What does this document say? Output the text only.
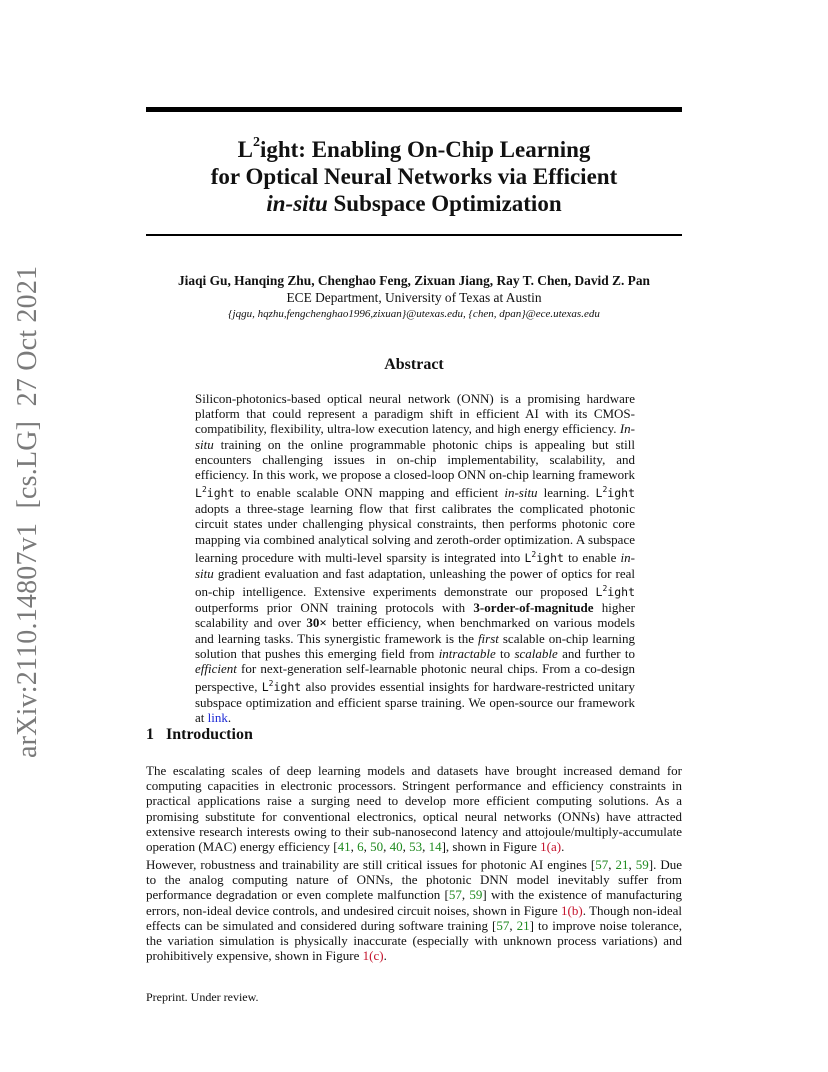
arXiv:2110.14807v1  [cs.LG]  27 Oct 2021
$L^2ight$: Enabling On-Chip Learning
for Optical Neural Networks via Efficient
in-situ Subspace Optimization
Jiaqi Gu, Hanqing Zhu, Chenghao Feng, Zixuan Jiang, Ray T. Chen, David Z. Pan
ECE Department, University of Texas at Austin
{jqgu, hqzhu,fengchenghao1996,zixuan}@utexas.edu, {chen, dpan}@ece.utexas.edu
Abstract
Silicon-photonics-based optical neural network (ONN) is a promising hardware platform that could represent a paradigm shift in efficient AI with its CMOS-compatibility, flexibility, ultra-low execution latency, and high energy efficiency. In-situ training on the online programmable photonic chips is appealing but still encounters challenging issues in on-chip implementability, scalability, and efficiency. In this work, we propose a closed-loop ONN on-chip learning framework $L^2ight$ to enable scalable ONN mapping and efficient in-situ learning. $L^2ight$ adopts a three-stage learning flow that first calibrates the complicated photonic circuit states under challenging physical constraints, then performs photonic core mapping via combined analytical solving and zeroth-order optimization. A subspace learning procedure with multi-level sparsity is integrated into $L^2ight$ to enable in-situ gradient evaluation and fast adaptation, unleashing the power of optics for real on-chip intelligence. Extensive experiments demonstrate our proposed $L^2ight$ outperforms prior ONN training protocols with 3-order-of-magnitude higher scalability and over 30× better efficiency, when benchmarked on various models and learning tasks. This synergistic framework is the first scalable on-chip learning solution that pushes this emerging field from intractable to scalable and further to efficient for next-generation self-learnable photonic neural chips. From a co-design perspective, $L^2ight$ also provides essential insights for hardware-restricted unitary subspace optimization and efficient sparse training. We open-source our framework at link.
1 Introduction
The escalating scales of deep learning models and datasets have brought increased demand for computing capacities in electronic processors. Stringent performance and efficiency constraints in practical applications raise a surging need to develop more efficient computing solutions. As a promising substitute for conventional electronics, optical neural networks (ONNs) have attracted extensive research interests owing to their sub-nanosecond latency and attojoule/multiply-accumulate operation (MAC) energy efficiency [41, 6, 50, 40, 53, 14], shown in Figure 1(a).
However, robustness and trainability are still critical issues for photonic AI engines [57, 21, 59]. Due to the analog computing nature of ONNs, the photonic DNN model inevitably suffer from performance degradation or even complete malfunction [57, 59] with the existence of manufacturing errors, non-ideal device controls, and undesired circuit noises, shown in Figure 1(b). Though non-ideal effects can be simulated and considered during software training [57, 21] to improve noise tolerance, the variation simulation is physically inaccurate (especially with unknown process variations) and prohibitively expensive, shown in Figure 1(c).
Preprint. Under review.
